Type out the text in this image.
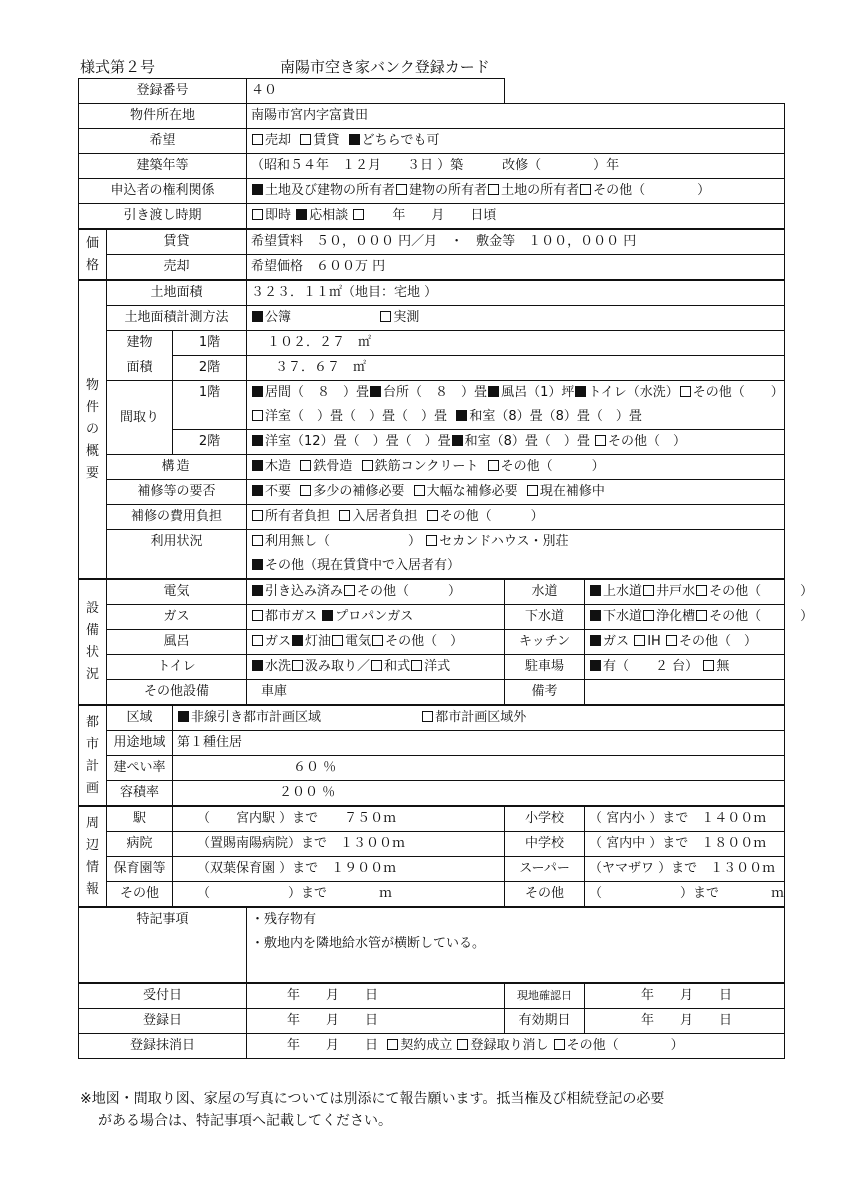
様式第２号	南陽市空き家バンク登録カード
登録番号			４０		
物件所在地			南陽市宮内字富貴田		
希望			売却 賃貸 どちらでも可		
建築年等			（昭和５４年　１２月　　３日 ）築　　　改修（　　　　）年		
申込者の権利関係			土地及び建物の所有者 建物の所有者 土地の所有者 その他（　　　　）		
引き渡し時期			即時 応相談 　　年　　月　　日頃		

価
格	賃貸		希望賃料　５０，０００ 円／月　・　敷金等　１００，０００ 円		
	売却		希望価格　６００万 円		

物
件
の
概
要	土地面積		３２３．１１㎡（地目：宅地 ）		
	土地面積計測方法		公簿 実測		
	建物	1階	１０２．２７　㎡		
	面積	2階	３７．６７　㎡		
	間取り	1階	居間（　８　）畳 台所（　８　）畳 風呂（1）坪 トイレ（水洗） その他（　　）		
			洋室（　）畳（　）畳（　）畳 和室（8）畳（8）畳（　）畳		
		2階	洋室（12）畳（　）畳（　）畳 和室（8）畳（　）畳 その他（　）		
	構造		木造 鉄骨造 鉄筋コンクリート その他（　　　）		
	補修等の要否		不要 多少の補修必要 大幅な補修必要 現在補修中		
	補修の費用負担		所有者負担 入居者負担 その他（　　　）		
	利用状況		利用無し（　　　　　　） セカンドハウス・別荘		
			その他（現在賃貸中で入居者有）		

設
備
状
況	電気		引き込み済み その他（　　　）	水道	上水道 井戸水 その他（　　　）
	ガス		都市ガス プロパンガス	下水道	下水道 浄化槽 その他（　　　）
	風呂		ガス 灯油 電気 その他（　）	キッチン	ガス IH その他（　）
	トイレ		水洗 汲み取り／ 和式 洋式	駐車場	有（　　２ 台） 無
	その他設備		車庫	備考	

都
市
計
画	区域	非線引き都市計画区域 都市計画区域外			
	用途地域	第１種住居			
	建ぺい率	６０ ％			
	容積率	２００ ％			

周
辺
情
報	駅	（　　宮内駅 ）まで　　７５０ｍ		小学校	（ 宮内小 ）まで　１４００ｍ
	病院	（置賜南陽病院）まで　１３００ｍ		中学校	（ 宮内中 ）まで　１８００ｍ
	保育園等	（双葉保育園 ）まで　１９００ｍ		スーパー	（ヤマザワ ）まで　１３００ｍ
	その他	（　　　　　　）まで　　　　ｍ		その他	（　　　　　　）まで　　　　ｍ
特記事項			・残存物有
・敷地内を隣地給水管が横断している。		

受付日			年　　月　　日	現地確認日	年　　月　　日
登録日			年　　月　　日	有効期日	年　　月　　日
登録抹消日			年　　月　　日 契約成立 登録取り消し その他（　　　　）		

※地図・間取り図、家屋の写真については別添にて報告願います。抵当権及び相続登記の必要

がある場合は、特記事項へ記載してください。
